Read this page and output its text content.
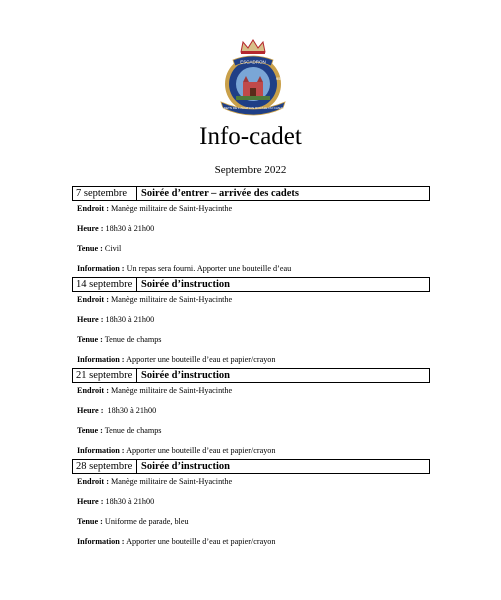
ESCADRON
950
CADETS DE L'AVIATION ROYALE DU CANADA
Info-cadet
Septembre 2022
7 septembre	Soirée d’entrer – arrivée des cadets
Endroit : Manège militaire de Saint-Hyacinthe
Heure : 18h30 à 21h00
Tenue : Civil
Information : Un repas sera fourni. Apporter une bouteille d’eau
14 septembre Soirée d’instruction
Endroit : Manège militaire de Saint-Hyacinthe
Heure : 18h30 à 21h00
Tenue : Tenue de champs
Information : Apporter une bouteille d’eau et papier/crayon
21 septembre Soirée d’instruction
Endroit : Manège militaire de Saint-Hyacinthe
Heure :  18h30 à 21h00
Tenue : Tenue de champs
Information : Apporter une bouteille d’eau et papier/crayon
28 septembre Soirée d’instruction
Endroit : Manège militaire de Saint-Hyacinthe
Heure : 18h30 à 21h00
Tenue : Uniforme de parade, bleu
Information : Apporter une bouteille d’eau et papier/crayon
